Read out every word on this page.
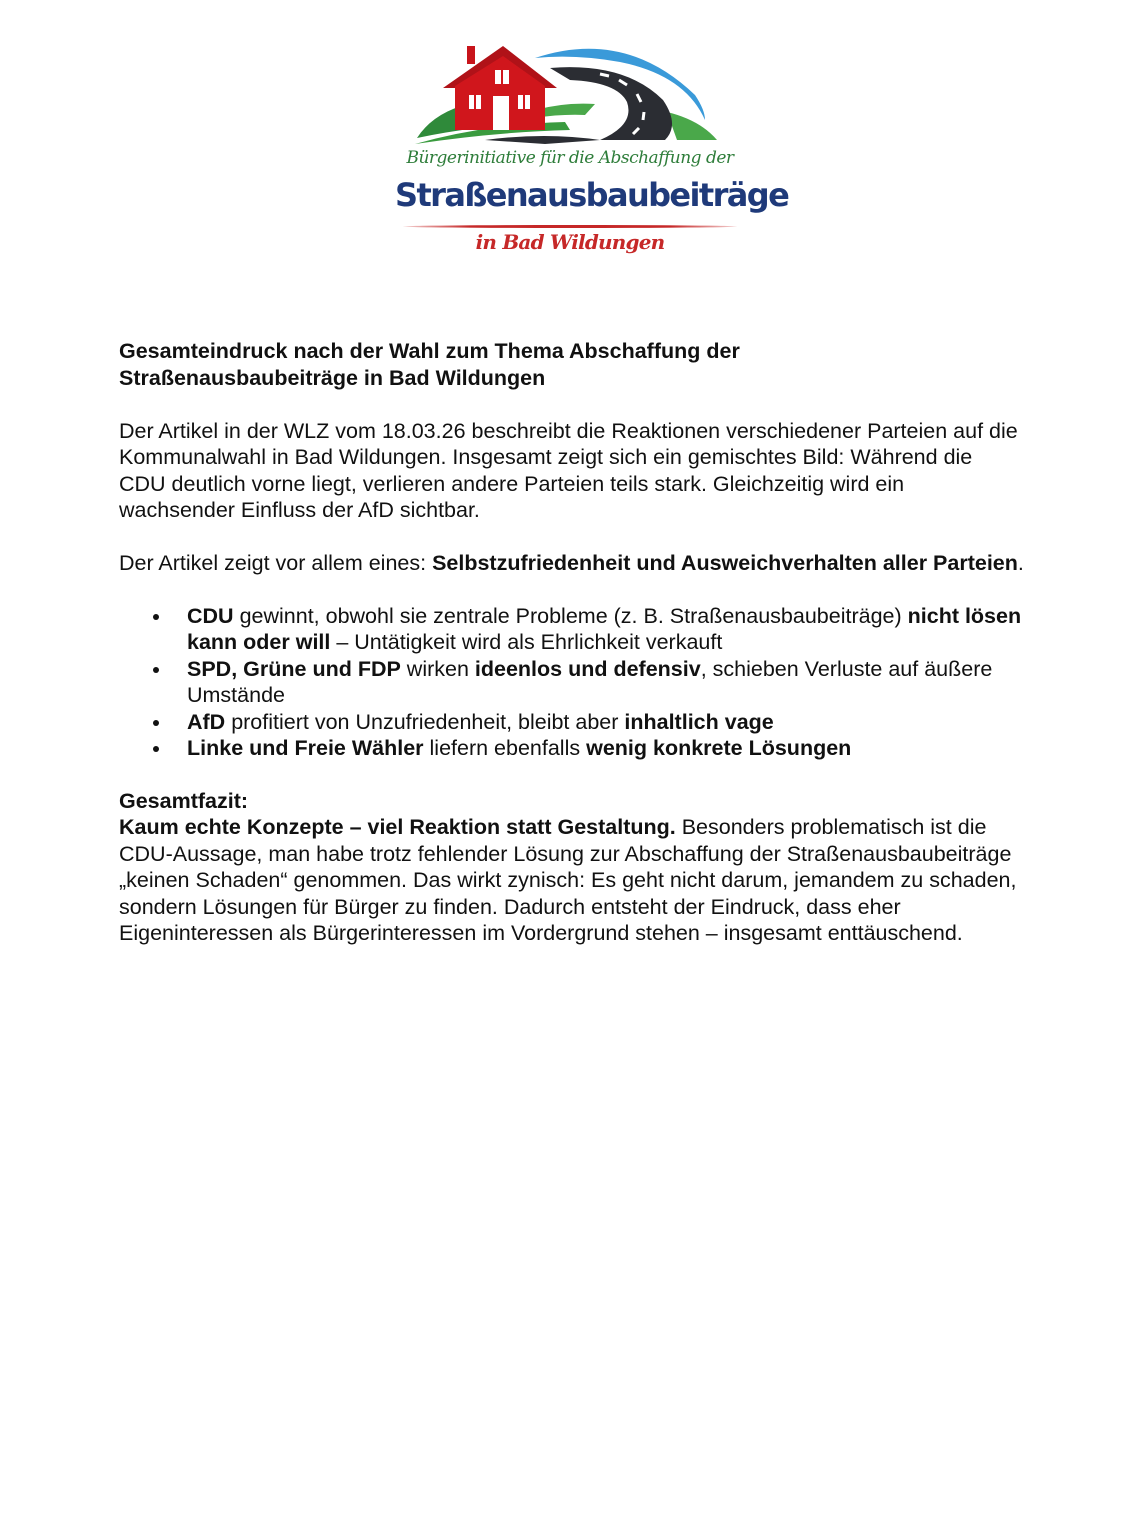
Bürgerinitiative für die Abschaffung der
Straßenausbaubeiträge
in Bad Wildungen

Gesamteindruck nach der Wahl zum Thema Abschaffung der
Straßenausbaubeiträge in Bad Wildungen

Der Artikel in der WLZ vom 18.03.26 beschreibt die Reaktionen verschiedener Parteien auf die Kommunalwahl in Bad Wildungen. Insgesamt zeigt sich ein gemischtes Bild: Während die CDU deutlich vorne liegt, verlieren andere Parteien teils stark. Gleichzeitig wird ein wachsender Einfluss der AfD sichtbar.

Der Artikel zeigt vor allem eines: Selbstzufriedenheit und Ausweichverhalten aller Parteien.

CDU gewinnt, obwohl sie zentrale Probleme (z. B. Straßenausbaubeiträge) nicht lösen kann oder will – Untätigkeit wird als Ehrlichkeit verkauft
SPD, Grüne und FDP wirken ideenlos und defensiv, schieben Verluste auf äußere Umstände
AfD profitiert von Unzufriedenheit, bleibt aber inhaltlich vage
Linke und Freie Wähler liefern ebenfalls wenig konkrete Lösungen

Gesamtfazit:

Kaum echte Konzepte – viel Reaktion statt Gestaltung. Besonders problematisch ist die CDU-Aussage, man habe trotz fehlender Lösung zur Abschaffung der Straßenausbaubeiträge „keinen Schaden“ genommen. Das wirkt zynisch: Es geht nicht darum, jemandem zu schaden, sondern Lösungen für Bürger zu finden. Dadurch entsteht der Eindruck, dass eher Eigeninteressen als Bürgerinteressen im Vordergrund stehen – insgesamt enttäuschend.
